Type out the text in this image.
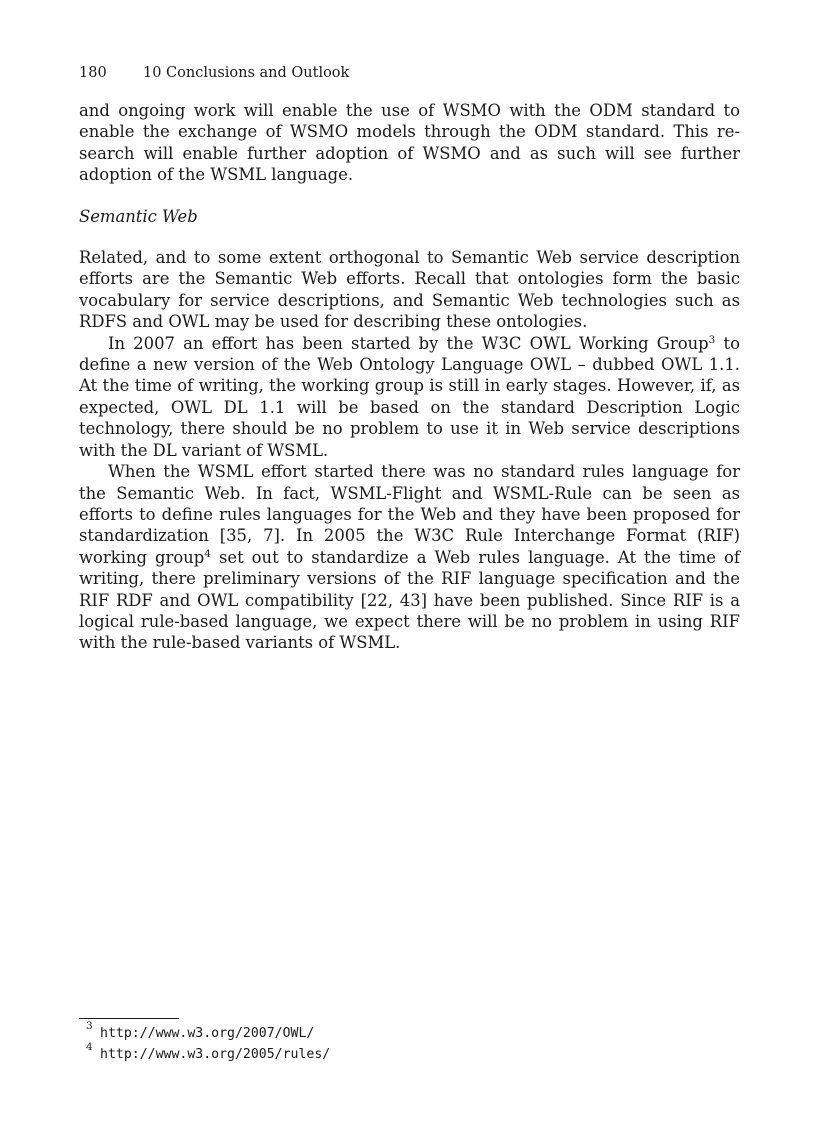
180	10 Conclusions and Outlook

and ongoing work will enable the use of WSMO with the ODM standard to enable the exchange of WSMO models through the ODM standard. This research will enable further adoption of WSMO and as such will see further adoption of the WSML language.

Semantic Web

Related, and to some extent orthogonal to Semantic Web service description efforts are the Semantic Web efforts. Recall that ontologies form the basic vocabulary for service descriptions, and Semantic Web technologies such as RDFS and OWL may be used for describing these ontologies.

In 2007 an effort has been started by the W3C OWL Working Group$^3$ to define a new version of the Web Ontology Language OWL – dubbed OWL 1.1. At the time of writing, the working group is still in early stages. However, if, as expected, OWL DL 1.1 will be based on the standard Description Logic technology, there should be no problem to use it in Web service descriptions with the DL variant of WSML.

When the WSML effort started there was no standard rules language for the Semantic Web. In fact, WSML-Flight and WSML-Rule can be seen as efforts to define rules languages for the Web and they have been proposed for standardization [35, 7]. In 2005 the W3C Rule Interchange Format (RIF) working group$^4$ set out to standardize a Web rules language. At the time of writing, there preliminary versions of the RIF language specification and the RIF RDF and OWL compatibility [22, 43] have been published. Since RIF is a logical rule-based language, we expect there will be no problem in using RIF with the rule-based variants of WSML.

3 http://www.w3.org/2007/OWL/
4 http://www.w3.org/2005/rules/
